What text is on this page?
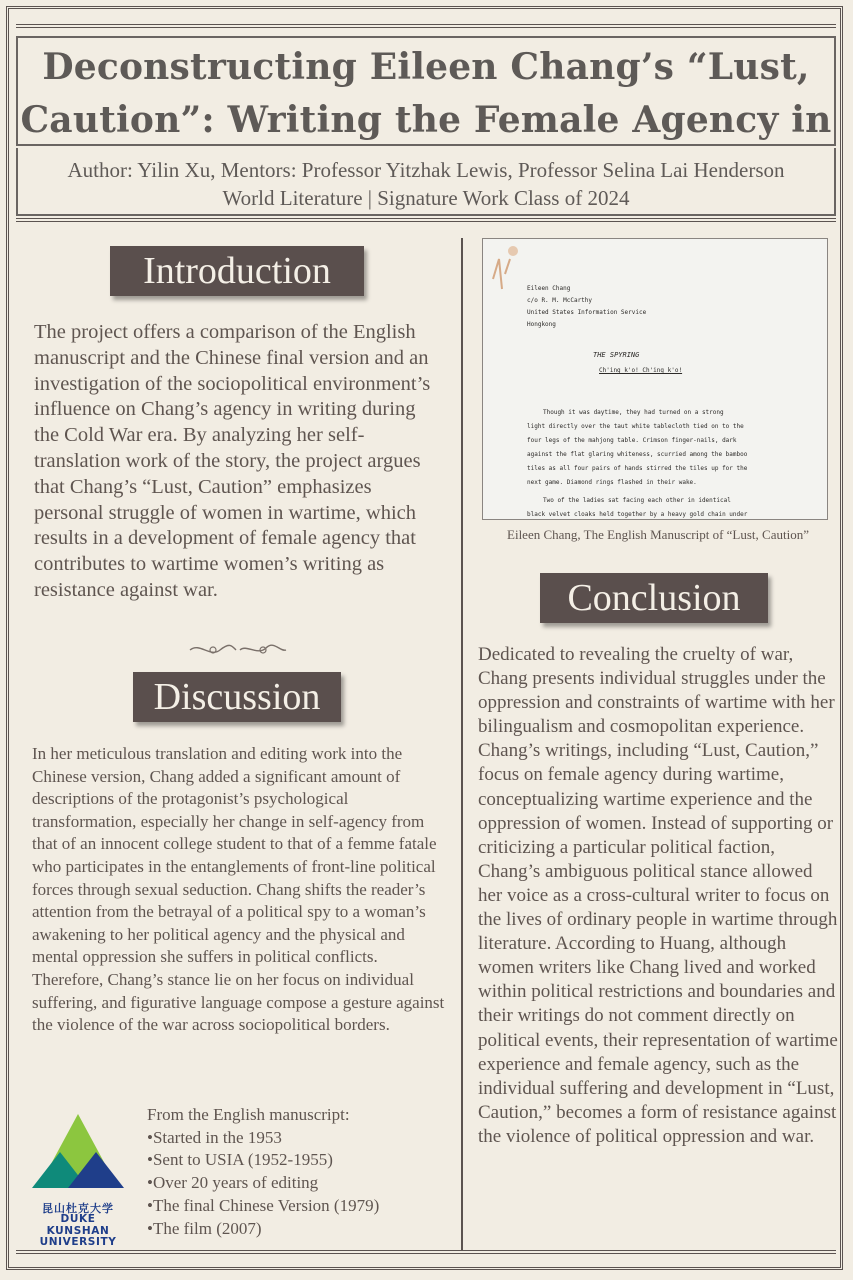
Deconstructing Eileen Chang’s “Lust, Caution”: Writing the Female Agency in
Author: Yilin Xu, Mentors: Professor Yitzhak Lewis, Professor Selina Lai Henderson
World Literature | Signature Work Class of 2024
Introduction
The project offers a comparison of the English manuscript and the Chinese final version and an investigation of the sociopolitical environment’s influence on Chang’s agency in writing during the Cold War era. By analyzing her self-translation work of the story, the project argues that Chang’s “Lust, Caution” emphasizes personal struggle of women in wartime, which results in a development of female agency that contributes to wartime women’s writing as resistance against war.
Discussion
In her meticulous translation and editing work into the Chinese version, Chang added a significant amount of descriptions of the protagonist’s psychological transformation, especially her change in self-agency from that of an innocent college student to that of a femme fatale who participates in the entanglements of front-line political forces through sexual seduction. Chang shifts the reader’s attention from the betrayal of a political spy to a woman’s awakening to her political agency and the physical and mental oppression she suffers in political conflicts. Therefore, Chang’s stance lie on her focus on individual suffering, and figurative language compose a gesture against the violence of the war across sociopolitical borders.
昆山杜克大学
DUKE KUNSHAN
UNIVERSITY
From the English manuscript:
•Started in the 1953
•Sent to USIA (1952-1955)
•Over 20 years of editing
•The final Chinese Version (1979)
•The film (2007)
Eileen Chang
c/o R. M. McCarthy
United States Information Service
Hongkong
THE SPYRING
Ch'ing k'o! Ch'ing k'o!
Though it was daytime, they had turned on a strong
light directly over the taut white tablecloth tied on to the
four legs of the mahjong table. Crimson finger-nails, dark
against the flat glaring whiteness, scurried among the bamboo
tiles as all four pairs of hands stirred the tiles up for the
next game. Diamond rings flashed in their wake.
Two of the ladies sat facing each other in identical
black velvet cloaks held together by a heavy gold chain under
Eileen Chang, The English Manuscript of “Lust, Caution”
Conclusion
Dedicated to revealing the cruelty of war, Chang presents individual struggles under the oppression and constraints of wartime with her bilingualism and cosmopolitan experience. Chang’s writings, including “Lust, Caution,” focus on female agency during wartime, conceptualizing wartime experience and the oppression of women. Instead of supporting or criticizing a particular political faction, Chang’s ambiguous political stance allowed her voice as a cross-cultural writer to focus on the lives of ordinary people in wartime through literature. According to Huang, although women writers like Chang lived and worked within political restrictions and boundaries and their writings do not comment directly on political events, their representation of wartime experience and female agency, such as the individual suffering and development in “Lust, Caution,” becomes a form of resistance against the violence of political oppression and war.
